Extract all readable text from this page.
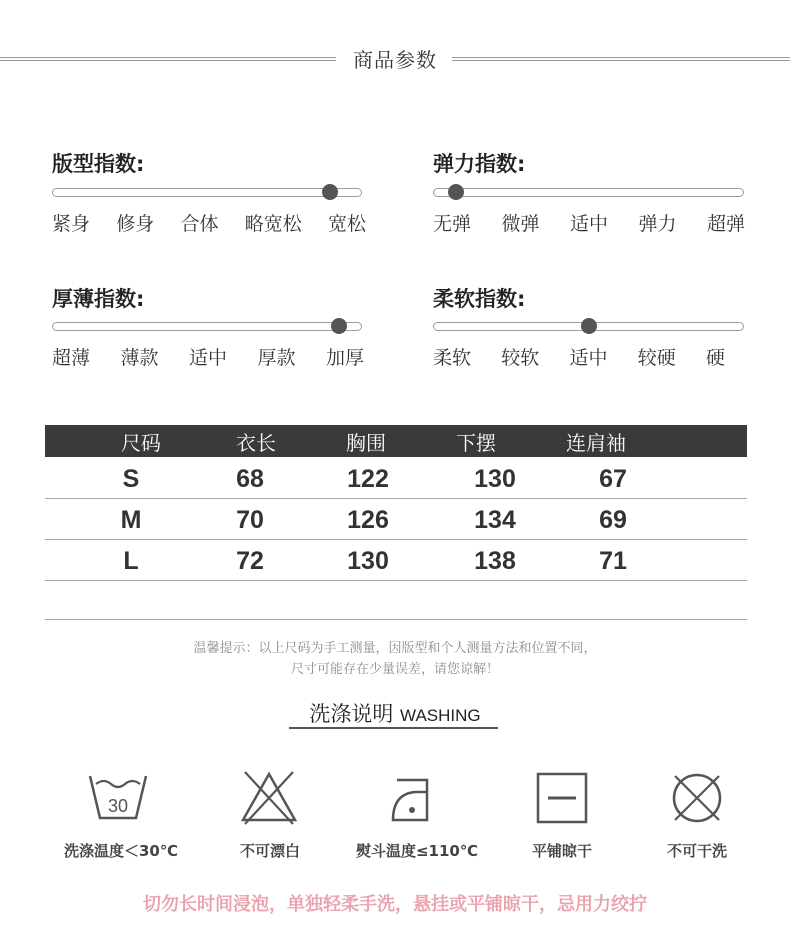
商品参数
版型指数:
紧身 修身 合体 略宽松 宽松
弹力指数:
无弹 微弹 适中 弹力 超弹
厚薄指数:
超薄 薄款 适中 厚款 加厚
柔软指数:
柔软 较软 适中 较硬 硬
尺码	衣长	胸围	下摆	连肩袖
S	68	122	130	67
M	70	126	134	69
L	72	130	138	71
温馨提示：以上尺码为手工测量，因版型和个人测量方法和位置不同，
尺寸可能存在少量误差，请您谅解！
洗涤说明 WASHING
30
洗涤温度＜30℃	不可漂白	熨斗温度≤110℃	平铺晾干	不可干洗
切勿长时间浸泡，单独轻柔手洗，悬挂或平铺晾干，忌用力绞拧
